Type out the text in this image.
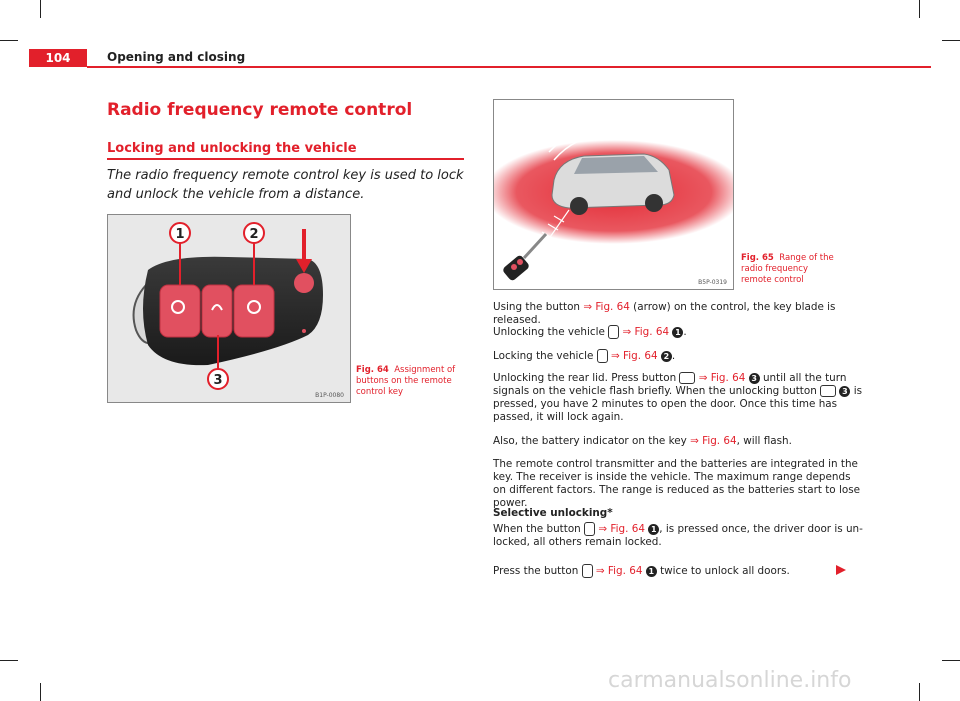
104	Opening and closing
Radio frequency remote control
Locking and unlocking the vehicle
The radio frequency remote control key is used to lock and unlock the vehicle from a distance.
1	2
3
B1P-0080
Fig. 64 Assignment of buttons on the remote control key
B5P-0319
Fig. 65 Range of the radio frequency remote control

Using the button ⇒ Fig. 64 (arrow) on the control, the key blade is released.

Unlocking the vehicle  ⇒ Fig. 64 1 .

Locking the vehicle  ⇒ Fig. 64 2 .

Unlocking the rear lid. Press button  ⇒ Fig. 64 3 until all the turn signals on the vehicle flash briefly. When the unlocking button	3 is pressed, you have 2 minutes to open the door. Once this time has passed, it will lock again.

Also, the battery indicator on the key ⇒ Fig. 64, will flash.

The remote control transmitter and the batteries are integrated in the key. The receiver is inside the vehicle. The maximum range depends on different factors. The range is reduced as the batteries start to lose power.

Selective unlocking*

When the button  ⇒ Fig. 64 1 , is pressed once, the driver door is un-locked, all others remain locked.

Press the button  ⇒ Fig. 64 1 twice to unlock all doors.

carmanualsonline.info
